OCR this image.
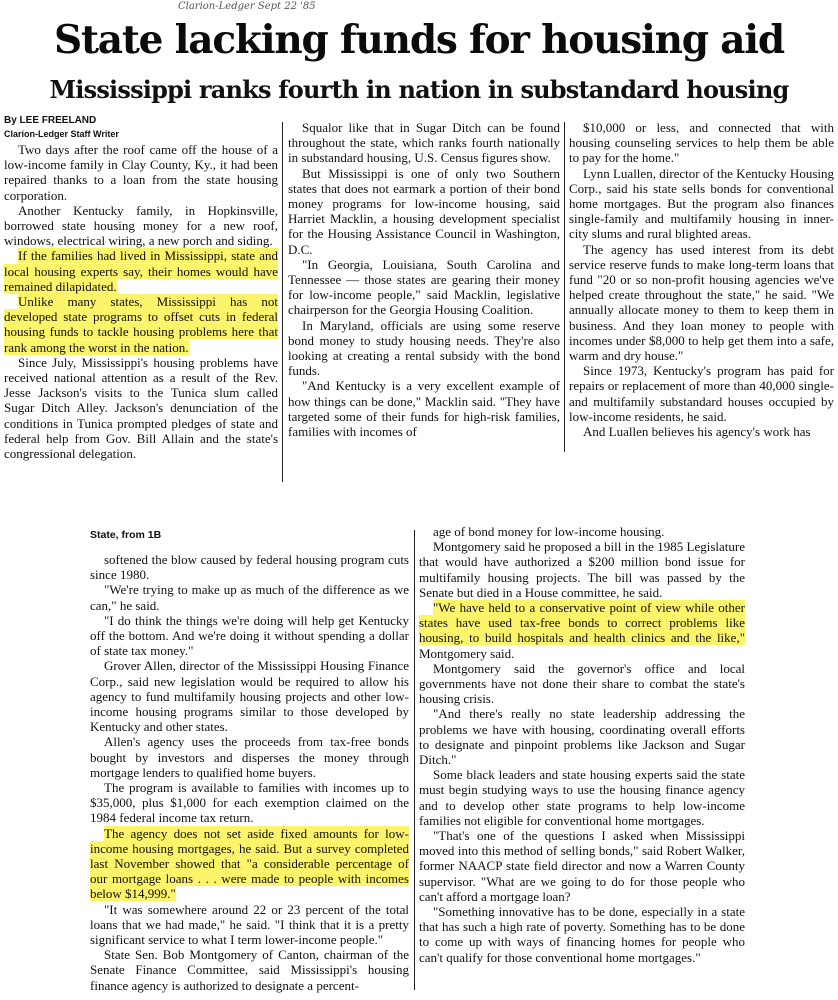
Clarion-Ledger Sept 22 '85
State lacking funds for housing aid
Mississippi ranks fourth in nation in substandard housing
By LEE FREELAND
Clarion-Ledger Staff Writer

Two days after the roof came off the house of a low-income family in Clay County, Ky., it had been repaired thanks to a loan from the state housing corporation.

Another Kentucky family, in Hopkinsville, borrowed state housing money for a new roof, windows, electrical wiring, a new porch and siding.

If the families had lived in Mississippi, state and local housing experts say, their homes would have remained dilapidated.

Unlike many states, Mississippi has not developed state programs to offset cuts in federal housing funds to tackle housing problems here that rank among the worst in the nation.

Since July, Mississippi's housing problems have received national attention as a result of the Rev. Jesse Jackson's visits to the Tunica slum called Sugar Ditch Alley. Jackson's denunciation of the conditions in Tunica prompted pledges of state and federal help from Gov. Bill Allain and the state's congressional delegation.

Squalor like that in Sugar Ditch can be found throughout the state, which ranks fourth nationally in substandard housing, U.S. Census figures show.

But Mississippi is one of only two Southern states that does not earmark a portion of their bond money programs for low-income housing, said Harriet Macklin, a housing development specialist for the Housing Assistance Council in Washington, D.C.

"In Georgia, Louisiana, South Carolina and Tennessee — those states are gearing their money for low-income people," said Macklin, legislative chairperson for the Georgia Housing Coalition.

In Maryland, officials are using some reserve bond money to study housing needs. They're also looking at creating a rental subsidy with the bond funds.

"And Kentucky is a very excellent example of how things can be done," Macklin said. "They have targeted some of their funds for high-risk families, families with incomes of

$10,000 or less, and connected that with housing counseling services to help them be able to pay for the home."

Lynn Luallen, director of the Kentucky Housing Corp., said his state sells bonds for conventional home mortgages. But the program also finances single-family and multifamily housing in inner-city slums and rural blighted areas.

The agency has used interest from its debt service reserve funds to make long-term loans that fund "20 or so non-profit housing agencies we've helped create throughout the state," he said. "We annually allocate money to them to keep them in business. And they loan money to people with incomes under $8,000 to help get them into a safe, warm and dry house."

Since 1973, Kentucky's program has paid for repairs or replacement of more than 40,000 single- and multifamily substandard houses occupied by low-income residents, he said.

And Luallen believes his agency's work has

State, from 1B

softened the blow caused by federal housing program cuts since 1980.

"We're trying to make up as much of the difference as we can," he said.

"I do think the things we're doing will help get Kentucky off the bottom. And we're doing it without spending a dollar of state tax money."

Grover Allen, director of the Mississippi Housing Finance Corp., said new legislation would be required to allow his agency to fund multifamily housing projects and other low-income housing programs similar to those developed by Kentucky and other states.

Allen's agency uses the proceeds from tax-free bonds bought by investors and disperses the money through mortgage lenders to qualified home buyers.

The program is available to families with incomes up to $35,000, plus $1,000 for each exemption claimed on the 1984 federal income tax return.

The agency does not set aside fixed amounts for low-income housing mortgages, he said. But a survey completed last November showed that "a considerable percentage of our mortgage loans . . . were made to people with incomes below $14,999."

"It was somewhere around 22 or 23 percent of the total loans that we had made," he said. "I think that it is a pretty significant service to what I term lower-income people."

State Sen. Bob Montgomery of Canton, chairman of the Senate Finance Committee, said Mississippi's housing finance agency is authorized to designate a percent-

age of bond money for low-income housing.

Montgomery said he proposed a bill in the 1985 Legislature that would have authorized a $200 million bond issue for multifamily housing projects. The bill was passed by the Senate but died in a House committee, he said.

"We have held to a conservative point of view while other states have used tax-free bonds to correct problems like housing, to build hospitals and health clinics and the like," Montgomery said.

Montgomery said the governor's office and local governments have not done their share to combat the state's housing crisis.

"And there's really no state leadership addressing the problems we have with housing, coordinating overall efforts to designate and pinpoint problems like Jackson and Sugar Ditch."

Some black leaders and state housing experts said the state must begin studying ways to use the housing finance agency and to develop other state programs to help low-income families not eligible for conventional home mortgages.

"That's one of the questions I asked when Mississippi moved into this method of selling bonds," said Robert Walker, former NAACP state field director and now a Warren County supervisor. "What are we going to do for those people who can't afford a mortgage loan?

"Something innovative has to be done, especially in a state that has such a high rate of poverty. Something has to be done to come up with ways of financing homes for people who can't qualify for those conventional home mortgages."
